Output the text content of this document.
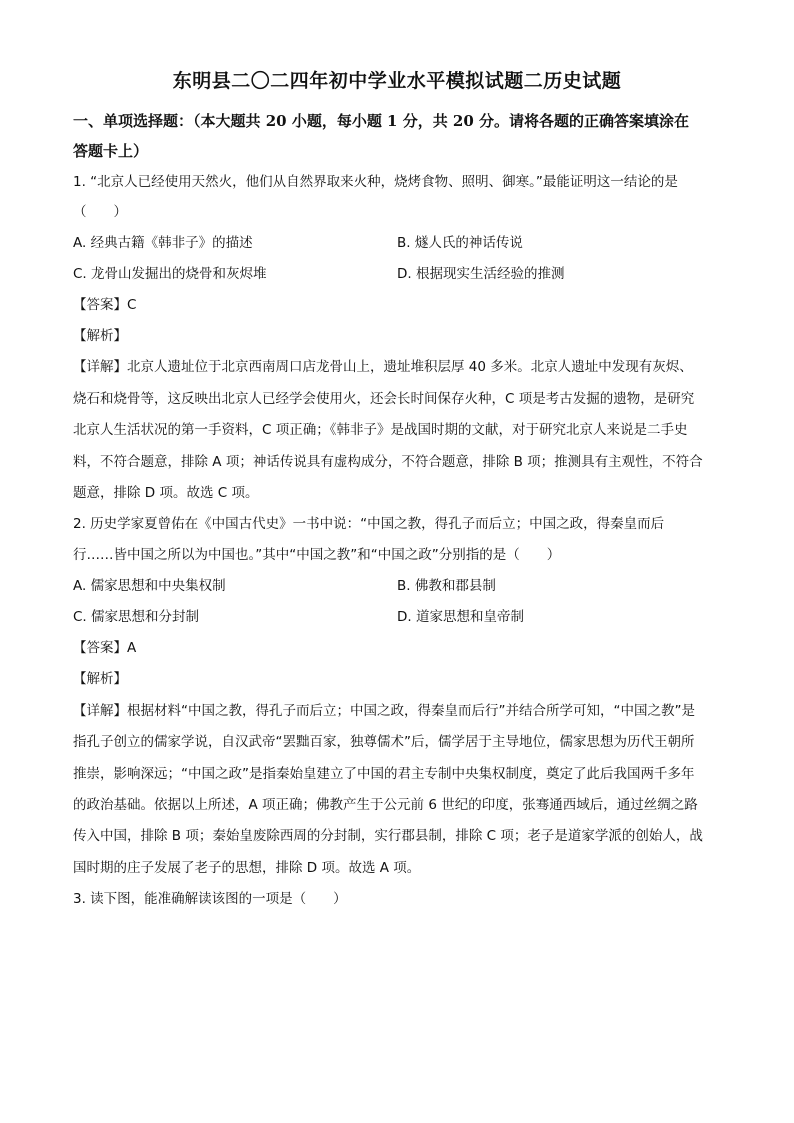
东明县二〇二四年初中学业水平模拟试题二历史试题
一、单项选择题：（本大题共 20 小题，每小题 1 分，共 20 分。请将各题的正确答案填涂在
答题卡上）
1. “北京人已经使用天然火，他们从自然界取来火种，烧烤食物、照明、御寒。”最能证明这一结论的是
（　　）
A. 经典古籍《韩非子》的描述	B. 燧人氏的神话传说
C. 龙骨山发掘出的烧骨和灰烬堆	D. 根据现实生活经验的推测
【答案】C
【解析】
【详解】北京人遗址位于北京西南周口店龙骨山上，遗址堆积层厚 40 多米。北京人遗址中发现有灰烬、
烧石和烧骨等，这反映出北京人已经学会使用火，还会长时间保存火种，C 项是考古发掘的遗物，是研究
北京人生活状况的第一手资料，C 项正确；《韩非子》是战国时期的文献，对于研究北京人来说是二手史
料，不符合题意，排除 A 项；神话传说具有虚构成分，不符合题意，排除 B 项；推测具有主观性，不符合
题意，排除 D 项。故选 C 项。
2. 历史学家夏曾佑在《中国古代史》一书中说：“中国之教，得孔子而后立；中国之政，得秦皇而后
行……皆中国之所以为中国也。”其中“中国之教”和“中国之政”分别指的是（　　）
A. 儒家思想和中央集权制	B. 佛教和郡县制
C. 儒家思想和分封制	D. 道家思想和皇帝制
【答案】A
【解析】
【详解】根据材料“中国之教，得孔子而后立；中国之政，得秦皇而后行”并结合所学可知，“中国之教”是
指孔子创立的儒家学说，自汉武帝“罢黜百家，独尊儒术”后，儒学居于主导地位，儒家思想为历代王朝所
推崇，影响深远；“中国之政”是指秦始皇建立了中国的君主专制中央集权制度，奠定了此后我国两千多年
的政治基础。依据以上所述，A 项正确；佛教产生于公元前 6 世纪的印度，张骞通西域后，通过丝绸之路
传入中国，排除 B 项；秦始皇废除西周的分封制，实行郡县制，排除 C 项；老子是道家学派的创始人，战
国时期的庄子发展了老子的思想，排除 D 项。故选 A 项。
3. 读下图，能准确解读该图的一项是（　　）
